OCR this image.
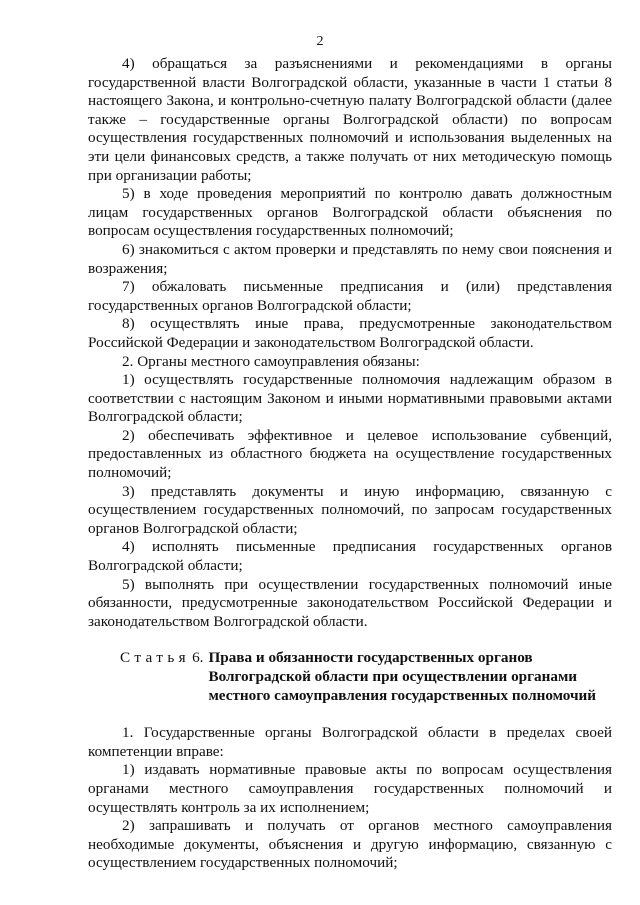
2

4) обращаться за разъяснениями и рекомендациями в органы государственной власти Волгоградской области, указанные в части 1 статьи 8 настоящего Закона, и контрольно-счетную палату Волгоградской области (далее также – государственные органы Волгоградской области) по вопросам осуществления государственных полномочий и использования выделенных на эти цели финансовых средств, а также получать от них методическую помощь при организации работы;

5) в ходе проведения мероприятий по контролю давать должностным лицам государственных органов Волгоградской области объяснения по вопросам осуществления государственных полномочий;

6) знакомиться с актом проверки и представлять по нему свои пояснения и возражения;

7) обжаловать письменные предписания и (или) представления государственных органов Волгоградской области;

8) осуществлять иные права, предусмотренные законодательством Российской Федерации и законодательством Волгоградской области.

2. Органы местного самоуправления обязаны:

1) осуществлять государственные полномочия надлежащим образом в соответствии с настоящим Законом и иными нормативными правовыми актами Волгоградской области;

2) обеспечивать эффективное и целевое использование субвенций, предоставленных из областного бюджета на осуществление государственных полномочий;

3) представлять документы и иную информацию, связанную с осуществлением государственных полномочий, по запросам государственных органов Волгоградской области;

4) исполнять письменные предписания государственных органов Волгоградской области;

5) выполнять при осуществлении государственных полномочий иные обязанности, предусмотренные законодательством Российской Федерации и законодательством Волгоградской области.

Статья 6. Права и обязанности государственных органов
Волгоградской области при осуществлении органами
местного самоуправления государственных полномочий

1. Государственные органы Волгоградской области в пределах своей компетенции вправе:

1) издавать нормативные правовые акты по вопросам осуществления органами местного самоуправления государственных полномочий и осуществлять контроль за их исполнением;

2) запрашивать и получать от органов местного самоуправления необходимые документы, объяснения и другую информацию, связанную с осуществлением государственных полномочий;
